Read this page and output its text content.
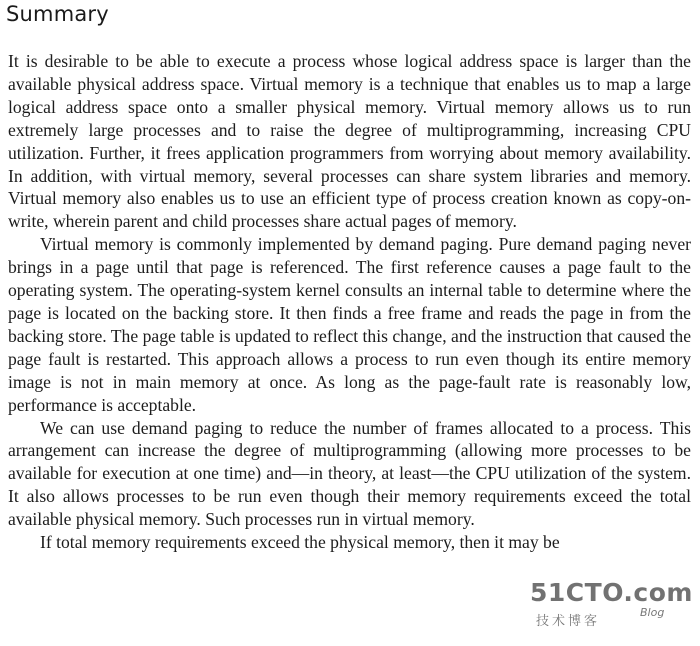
Summary

It is desirable to be able to execute a process whose logical address space is larger than the available physical address space. Virtual memory is a technique that enables us to map a large logical address space onto a smaller physical memory. Virtual memory allows us to run extremely large processes and to raise the degree of multiprogramming, increasing CPU utilization. Further, it frees application programmers from worrying about memory availability. In addition, with virtual memory, several processes can share system libraries and memory. Virtual memory also enables us to use an efficient type of process creation known as copy-on-write, wherein parent and child processes share actual pages of memory.

Virtual memory is commonly implemented by demand paging. Pure demand paging never brings in a page until that page is referenced. The first reference causes a page fault to the operating system. The operating-system kernel consults an internal table to determine where the page is located on the backing store. It then finds a free frame and reads the page in from the backing store. The page table is updated to reflect this change, and the instruction that caused the page fault is restarted. This approach allows a process to run even though its entire memory image is not in main memory at once. As long as the page-fault rate is reasonably low, performance is acceptable.

We can use demand paging to reduce the number of frames allocated to a process. This arrangement can increase the degree of multiprogramming (allowing more processes to be available for execution at one time) and—in theory, at least—the CPU utilization of the system. It also allows processes to be run even though their memory requirements exceed the total available physical memory. Such processes run in virtual memory.

If total memory requirements exceed the physical memory, then it may be

51CTO.com
技术博客
Blog
